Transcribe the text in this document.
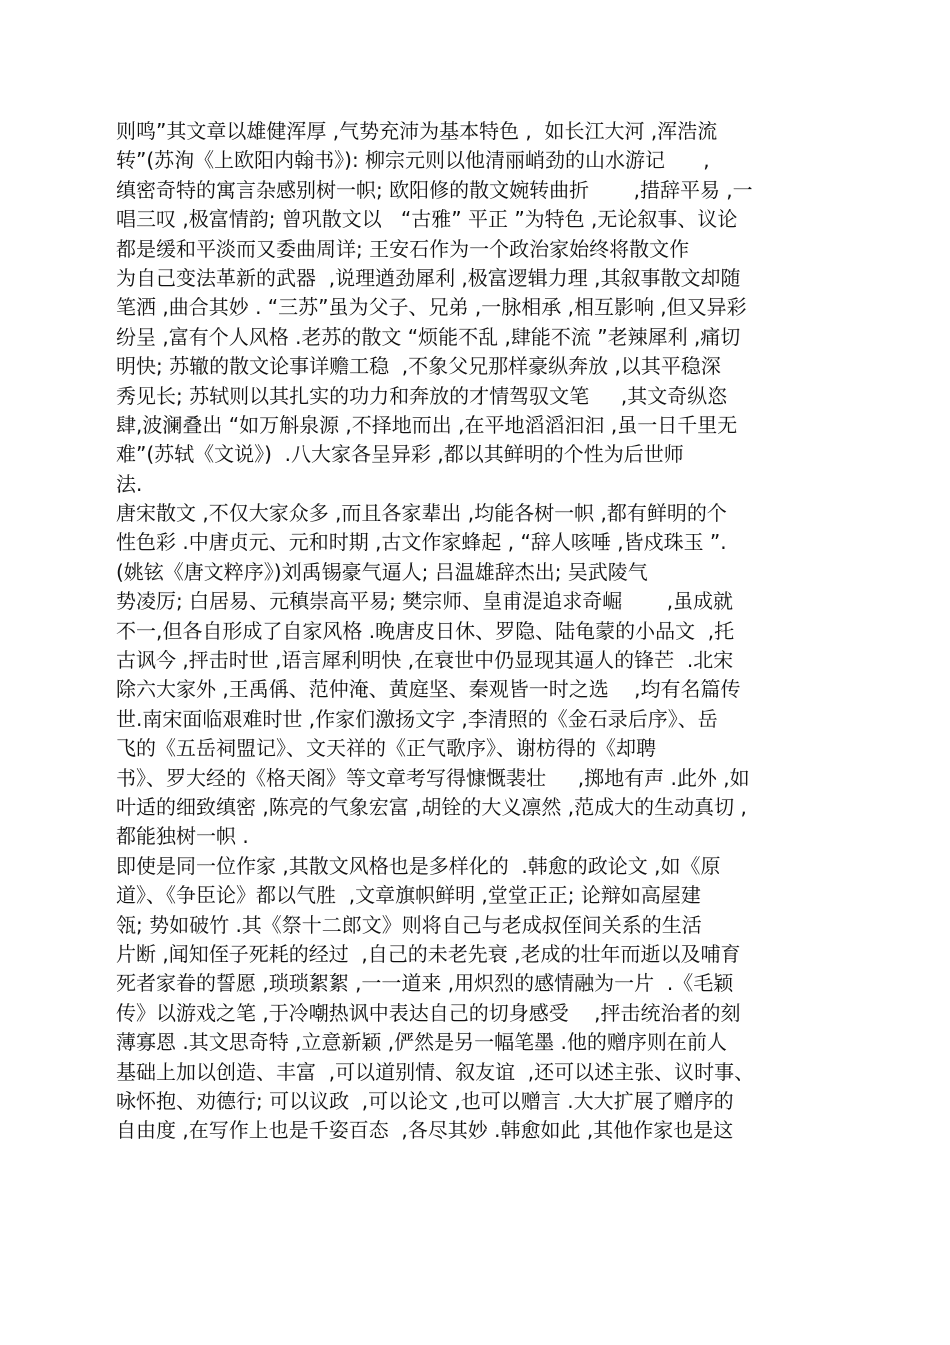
则鸣”其文章以雄健浑厚 ,气势充沛为基本特色 ,  如长江大河 ,浑浩流
转”(苏洵《上欧阳内翰书》): 柳宗元则以他清丽峭劲的山水游记      ,
缜密奇特的寓言杂感别树一帜; 欧阳修的散文婉转曲折       ,措辞平易 ,一
唱三叹 ,极富情韵; 曾巩散文以   “古雅” 平正 ”为特色 ,无论叙事、议论
都是缓和平淡而又委曲周详; 王安石作为一个政治家始终将散文作
为自己变法革新的武器  ,说理遒劲犀利 ,极富逻辑力理 ,其叙事散文却随
笔洒 ,曲合其妙 . “三苏”虽为父子、兄弟 ,一脉相承 ,相互影响 ,但又异彩
纷呈 ,富有个人风格 .老苏的散文 “烦能不乱 ,肆能不流 ”老辣犀利 ,痛切
明快; 苏辙的散文论事详赡工稳  ,不象父兄那样豪纵奔放 ,以其平稳深
秀见长; 苏轼则以其扎实的功力和奔放的才情驾驭文笔     ,其文奇纵恣
肆,波澜叠出 “如万斛泉源 ,不择地而出 ,在平地滔滔汩汩 ,虽一日千里无
难”(苏轼《文说》)  .八大家各呈异彩 ,都以其鲜明的个性为后世师
法.
唐宋散文 ,不仅大家众多 ,而且各家辈出 ,均能各树一帜 ,都有鲜明的个
性色彩 .中唐贞元、元和时期 ,古文作家蜂起 , “辞人咳唾 ,皆戍珠玉 ”.
(姚铉《唐文粹序》)刘禹锡豪气逼人; 吕温雄辞杰出; 吴武陵气
势凌厉; 白居易、元稹崇高平易; 樊宗师、皇甫湜追求奇崛       ,虽成就
不一,但各自形成了自家风格 .晚唐皮日休、罗隐、陆龟蒙的小品文  ,托
古讽今 ,抨击时世 ,语言犀利明快 ,在衰世中仍显现其逼人的锋芒  .北宋
除六大家外 ,王禹偁、范仲淹、黄庭坚、秦观皆一时之选    ,均有名篇传
世.南宋面临艰难时世 ,作家们激扬文字 ,李清照的《金石录后序》、岳
飞的《五岳祠盟记》、文天祥的《正气歌序》、谢枋得的《却聘
书》、罗大经的《格天阁》等文章考写得慷慨裴壮     ,掷地有声 .此外 ,如
叶适的细致缜密 ,陈亮的气象宏富 ,胡铨的大义凛然 ,范成大的生动真切 ,
都能独树一帜 .
即使是同一位作家 ,其散文风格也是多样化的  .韩愈的政论文 ,如《原
道》、《争臣论》都以气胜  ,文章旗帜鲜明 ,堂堂正正; 论辩如高屋建
瓴; 势如破竹 .其《祭十二郎文》则将自己与老成叔侄间关系的生活
片断 ,闻知侄子死耗的经过  ,自己的未老先衰 ,老成的壮年而逝以及哺育
死者家眷的誓愿 ,琐琐絮絮 ,一一道来 ,用炽烈的感情融为一片  .《毛颖
传》以游戏之笔 ,于冷嘲热讽中表达自己的切身感受    ,抨击统治者的刻
薄寡恩 .其文思奇特 ,立意新颖 ,俨然是另一幅笔墨 .他的赠序则在前人
基础上加以创造、丰富  ,可以道别情、叙友谊  ,还可以述主张、议时事、
咏怀抱、劝德行; 可以议政  ,可以论文 ,也可以赠言 .大大扩展了赠序的
自由度 ,在写作上也是千姿百态  ,各尽其妙 .韩愈如此 ,其他作家也是这
